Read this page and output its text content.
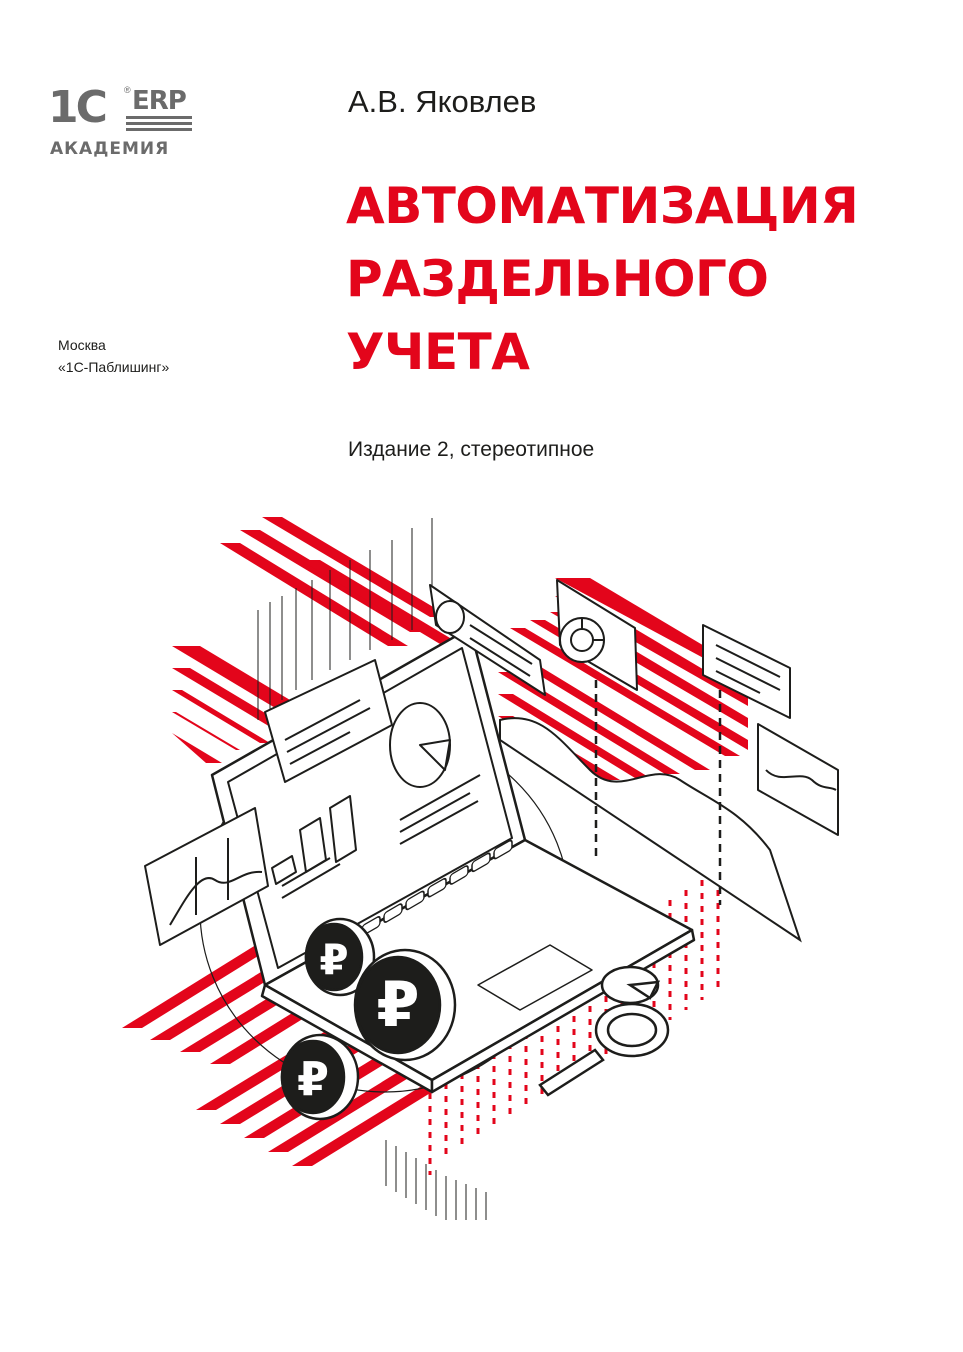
1C ® ERP
АКАДЕМИЯ
А.В. Яковлев
АВТОМАТИЗАЦИЯ
РАЗДЕЛЬНОГО
УЧЕТА
Москва
«1С-Паблишинг»
Издание 2, стереотипное
₽
₽
₽
